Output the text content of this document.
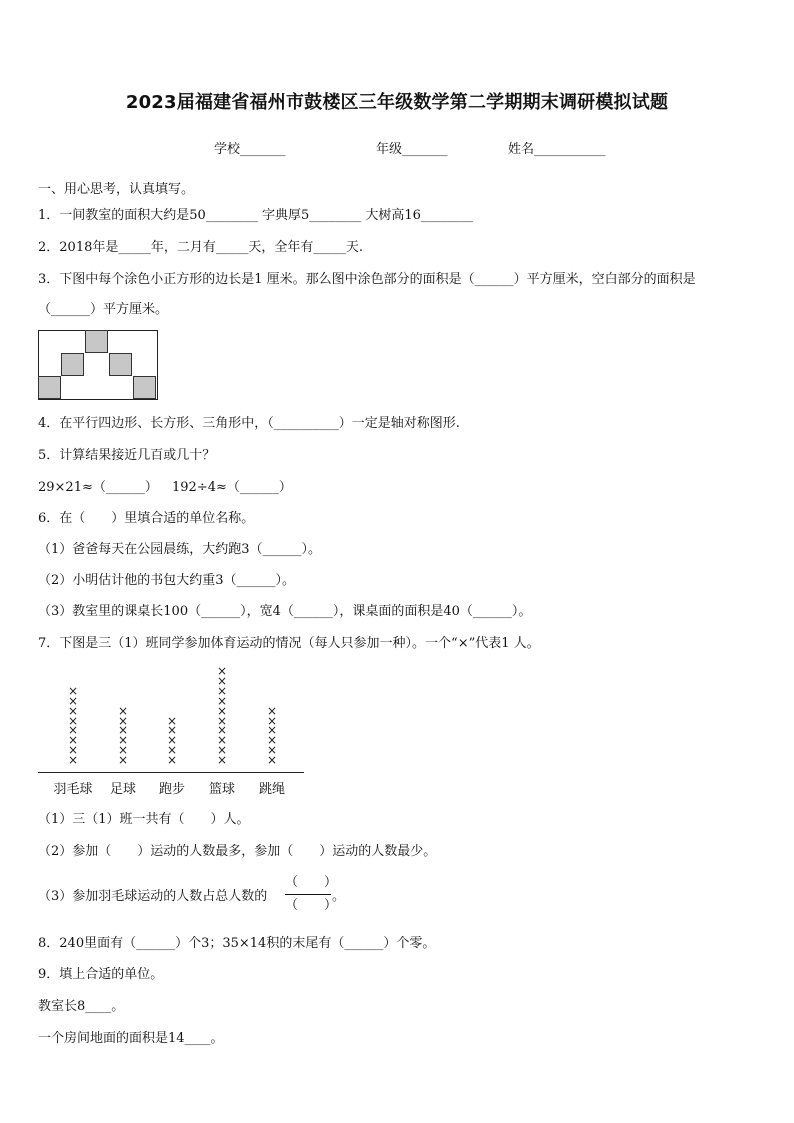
2023届福建省福州市鼓楼区三年级数学第二学期期末调研模拟试题
学校_______	年级_______	姓名___________
一、用心思考，认真填写。
1．一间教室的面积大约是50________ 字典厚5________ 大树高16________
2．2018年是_____年，二月有_____天，全年有_____天.
3．下图中每个涂色小正方形的边长是1 厘米。那么图中涂色部分的面积是（______）平方厘米，空白部分的面积是
（______）平方厘米。
4．在平行四边形、长方形、三角形中，（__________）一定是轴对称图形.
5．计算结果接近几百或几十？
29×21≈（______） 192÷4≈（______）
6．在（　　）里填合适的单位名称。
（1）爸爸每天在公园晨练，大约跑3（______）。
（2）小明估计他的书包大约重3（______）。
（3）教室里的课桌长100（______），宽4（______），课桌面的面积是40（______）。
7．下图是三（1）班同学参加体育运动的情况（每人只参加一种）。一个“×”代表1 人。
×
×
×
×
×
×
×
×
羽毛球
×
×
×
×
×
×
足球
×
×
×
×
×
跑步
×
×
×
×
×
×
×
×
×
×
篮球
×
×
×
×
×
×
跳绳
（1）三（1）班一共有（　　）人。
（2）参加（　　）运动的人数最多，参加（　　）运动的人数最少。
（3）参加羽毛球运动的人数占总人数的
（　　）
（　　）
。
8．240里面有（______）个3；35×14积的末尾有（______）个零。
9．填上合适的单位。
教室长8____。
一个房间地面的面积是14____。
